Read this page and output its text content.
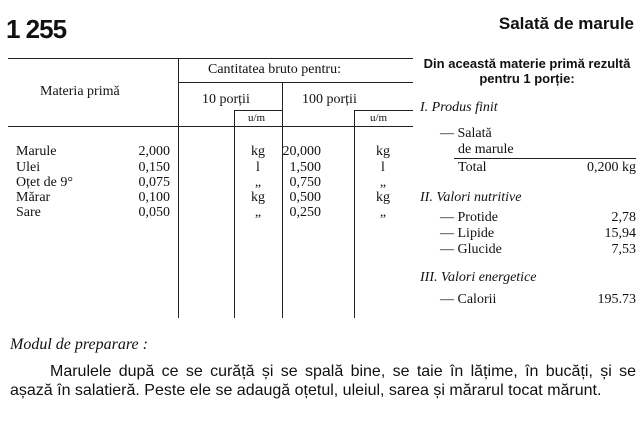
1 255	Salată de marule
Materia primă
Cantitatea bruto pentru:
10 porții	100 porții
u/m	u/m
Marule	2,000	kg	20,000	kg
Ulei	0,150	l	1,500	l
Oțet de 9°	0,075	„	0,750	„
Mărar	0,100	kg	0,500	kg
Sare	0,050	„	0,250	„
Din această materie primă rezultă pentru 1 porție:
I. Produs finit
— Salată
de marule
Total	0,200 kg
II. Valori nutritive
— Protide	2,78
— Lipide	15,94
— Glucide	7,53
III. Valori energetice
— Calorii	195.73
Modul de preparare :

Marulele după ce se curăță și se spală bine, se taie în lățime, în bucăți, și se așază în salatieră. Peste ele se adaugă oțetul, uleiul, sarea și mărarul tocat mărunt.
